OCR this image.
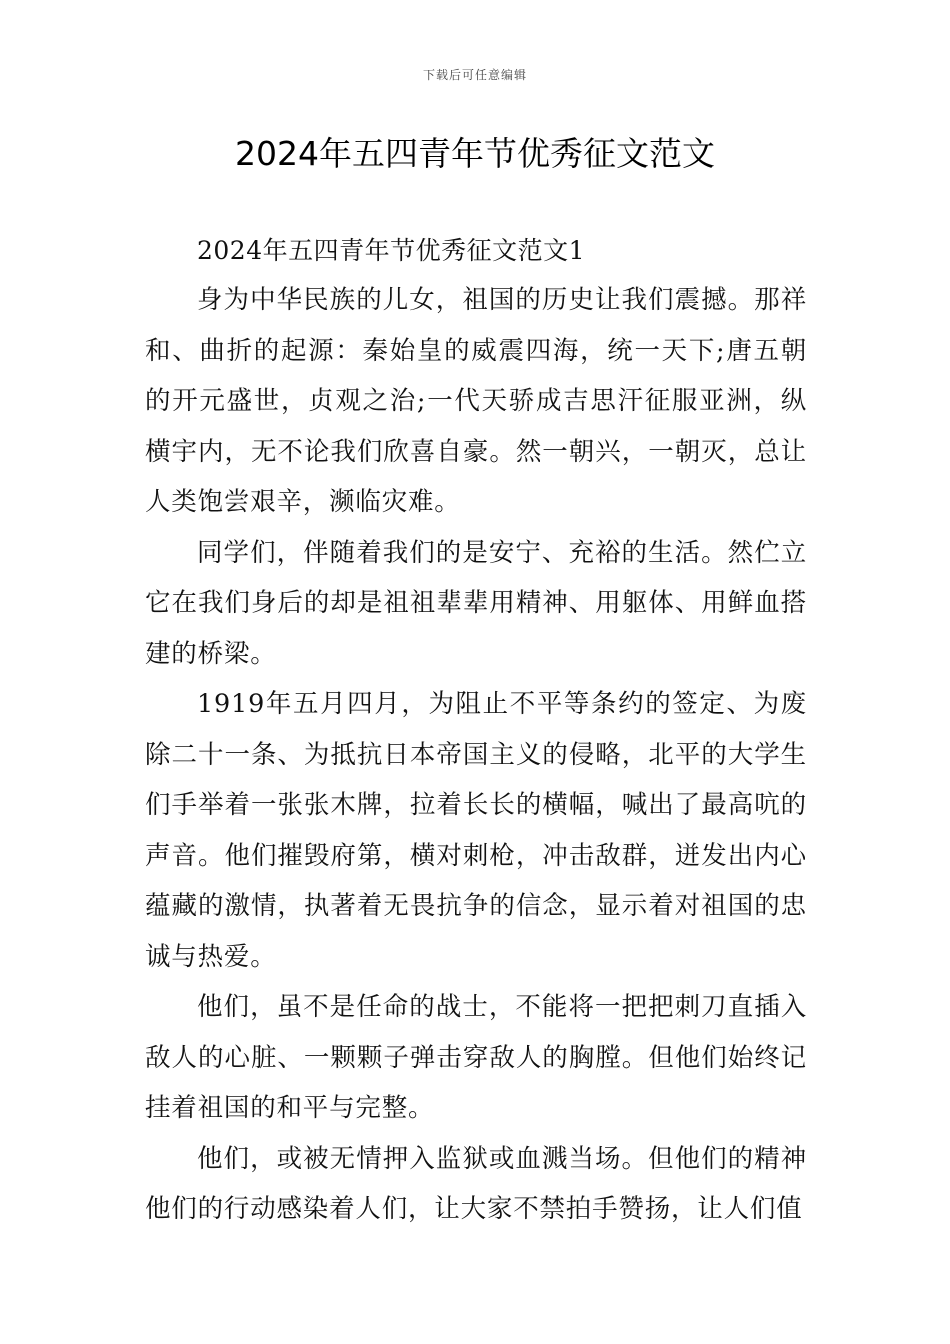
下载后可任意编辑
2024年五四青年节优秀征文范文

2024年五四青年节优秀征文范文1

身为中华民族的儿女，祖国的历史让我们震撼。那祥和、曲折的起源：秦始皇的威震四海，统一天下;唐五朝的开元盛世，贞观之治;一代天骄成吉思汗征服亚洲，纵横宇内，无不论我们欣喜自豪。然一朝兴，一朝灭，总让人类饱尝艰辛，濒临灾难。

同学们，伴随着我们的是安宁、充裕的生活。然伫立它在我们身后的却是祖祖辈辈用精神、用躯体、用鲜血搭建的桥梁。

1919年五月四月，为阻止不平等条约的签定、为废除二十一条、为抵抗日本帝国主义的侵略，北平的大学生们手举着一张张木牌，拉着长长的横幅，喊出了最高吭的声音。他们摧毁府第，横对刺枪，冲击敌群，迸发出内心蕴藏的激情，执著着无畏抗争的信念，显示着对祖国的忠诚与热爱。

他们，虽不是任命的战士，不能将一把把刺刀直插入敌人的心脏、一颗颗子弹击穿敌人的胸膛。但他们始终记挂着祖国的和平与完整。

他们，或被无情押入监狱或血溅当场。但他们的精神他们的行动感染着人们，让大家不禁拍手赞扬，让人们值
